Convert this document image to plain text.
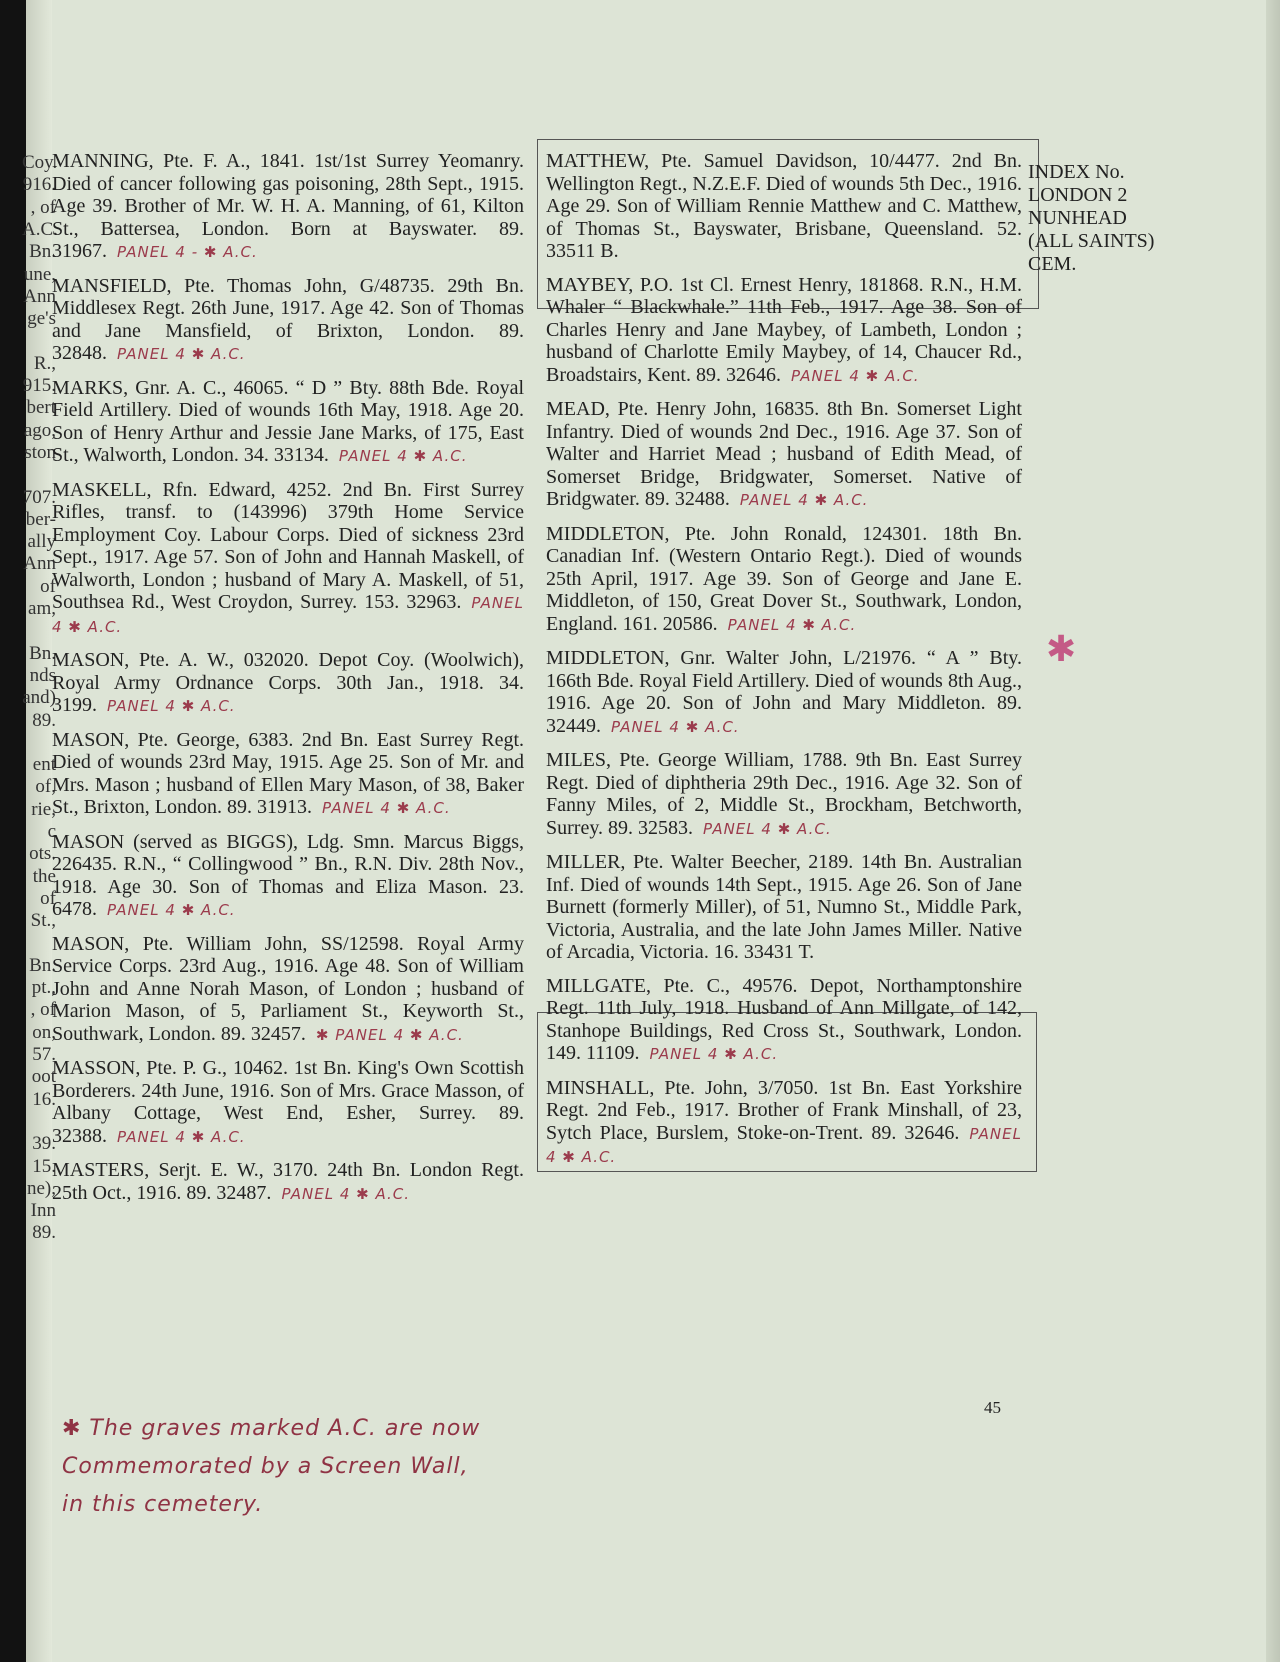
Coy.
916.
, of
A.C.
Bn.
une,
Ann
ge's
R.,
915.
bert
ago,
ston
707.
ber-
ally
Ann
of
am,
Bn.
nds
and)
89.
ent
of,
rie,
c
ots.
the
of
St.,
Bn.
pt.,
, of
on,
57.
oot
16.
39.
15.
ne),
Inn
89.
MANNING, Pte. F. A., 1841. 1st/1st Surrey Yeomanry. Died of cancer following gas poisoning, 28th Sept., 1915. Age 39. Brother of Mr. W. H. A. Manning, of 61, Kilton St., Battersea, London. Born at Bayswater. 89. 31967. PANEL 4 - ✱ A.C.
MANSFIELD, Pte. Thomas John, G/48735. 29th Bn. Middlesex Regt. 26th June, 1917. Age 42. Son of Thomas and Jane Mansfield, of Brixton, London. 89. 32848. PANEL 4 ✱ A.C.
MARKS, Gnr. A. C., 46065. “ D ” Bty. 88th Bde. Royal Field Artillery. Died of wounds 16th May, 1918. Age 20. Son of Henry Arthur and Jessie Jane Marks, of 175, East St., Walworth, London. 34. 33134. PANEL 4 ✱ A.C.
MASKELL, Rfn. Edward, 4252. 2nd Bn. First Surrey Rifles, transf. to (143996) 379th Home Service Employment Coy. Labour Corps. Died of sickness 23rd Sept., 1917. Age 57. Son of John and Hannah Maskell, of Walworth, London ; husband of Mary A. Maskell, of 51, Southsea Rd., West Croydon, Surrey. 153. 32963. PANEL 4 ✱ A.C.
MASON, Pte. A. W., 032020. Depot Coy. (Woolwich), Royal Army Ordnance Corps. 30th Jan., 1918. 34. 3199. PANEL 4 ✱ A.C.
MASON, Pte. George, 6383. 2nd Bn. East Surrey Regt. Died of wounds 23rd May, 1915. Age 25. Son of Mr. and Mrs. Mason ; husband of Ellen Mary Mason, of 38, Baker St., Brixton, London. 89. 31913. PANEL 4 ✱ A.C.
MASON (served as BIGGS), Ldg. Smn. Marcus Biggs, 226435. R.N., “ Collingwood ” Bn., R.N. Div. 28th Nov., 1918. Age 30. Son of Thomas and Eliza Mason. 23. 6478. PANEL 4 ✱ A.C.
MASON, Pte. William John, SS/12598. Royal Army Service Corps. 23rd Aug., 1916. Age 48. Son of William John and Anne Norah Mason, of London ; husband of Marion Mason, of 5, Parliament St., Keyworth St., Southwark, London. 89. 32457. ✱ PANEL 4 ✱ A.C.
MASSON, Pte. P. G., 10462. 1st Bn. King's Own Scottish Borderers. 24th June, 1916. Son of Mrs. Grace Masson, of Albany Cottage, West End, Esher, Surrey. 89. 32388. PANEL 4 ✱ A.C.
MASTERS, Serjt. E. W., 3170. 24th Bn. London Regt. 25th Oct., 1916. 89. 32487. PANEL 4 ✱ A.C.
MATTHEW, Pte. Samuel Davidson, 10/4477. 2nd Bn. Wellington Regt., N.Z.E.F. Died of wounds 5th Dec., 1916. Age 29. Son of William Rennie Matthew and C. Matthew, of Thomas St., Bayswater, Brisbane, Queensland. 52. 33511 B.
MAYBEY, P.O. 1st Cl. Ernest Henry, 181868. R.N., H.M. Whaler “ Blackwhale.” 11th Feb., 1917. Age 38. Son of Charles Henry and Jane Maybey, of Lambeth, London ; husband of Charlotte Emily Maybey, of 14, Chaucer Rd., Broadstairs, Kent. 89. 32646. PANEL 4 ✱ A.C.
MEAD, Pte. Henry John, 16835. 8th Bn. Somerset Light Infantry. Died of wounds 2nd Dec., 1916. Age 37. Son of Walter and Harriet Mead ; husband of Edith Mead, of Somerset Bridge, Bridgwater, Somerset. Native of Bridgwater. 89. 32488. PANEL 4 ✱ A.C.
MIDDLETON, Pte. John Ronald, 124301. 18th Bn. Canadian Inf. (Western Ontario Regt.). Died of wounds 25th April, 1917. Age 39. Son of George and Jane E. Middleton, of 150, Great Dover St., Southwark, London, England. 161. 20586. PANEL 4 ✱ A.C.
MIDDLETON, Gnr. Walter John, L/21976. “ A ” Bty. 166th Bde. Royal Field Artillery. Died of wounds 8th Aug., 1916. Age 20. Son of John and Mary Middleton. 89. 32449. PANEL 4 ✱ A.C.
MILES, Pte. George William, 1788. 9th Bn. East Surrey Regt. Died of diphtheria 29th Dec., 1916. Age 32. Son of Fanny Miles, of 2, Middle St., Brockham, Betchworth, Surrey. 89. 32583. PANEL 4 ✱ A.C.
MILLER, Pte. Walter Beecher, 2189. 14th Bn. Australian Inf. Died of wounds 14th Sept., 1915. Age 26. Son of Jane Burnett (formerly Miller), of 51, Numno St., Middle Park, Victoria, Australia, and the late John James Miller. Native of Arcadia, Victoria. 16. 33431 T.
MILLGATE, Pte. C., 49576. Depot, Northamptonshire Regt. 11th July, 1918. Husband of Ann Millgate, of 142, Stanhope Buildings, Red Cross St., Southwark, London. 149. 11109. PANEL 4 ✱ A.C.
MINSHALL, Pte. John, 3/7050. 1st Bn. East Yorkshire Regt. 2nd Feb., 1917. Brother of Frank Minshall, of 23, Sytch Place, Burslem, Stoke-on-Trent. 89. 32646. PANEL 4 ✱ A.C.
INDEX No.
LONDON 2
NUNHEAD
(ALL SAINTS)
CEM.
✱
45
✱ The graves marked A.C. are now
Commemorated by a Screen Wall,
in this cemetery.
